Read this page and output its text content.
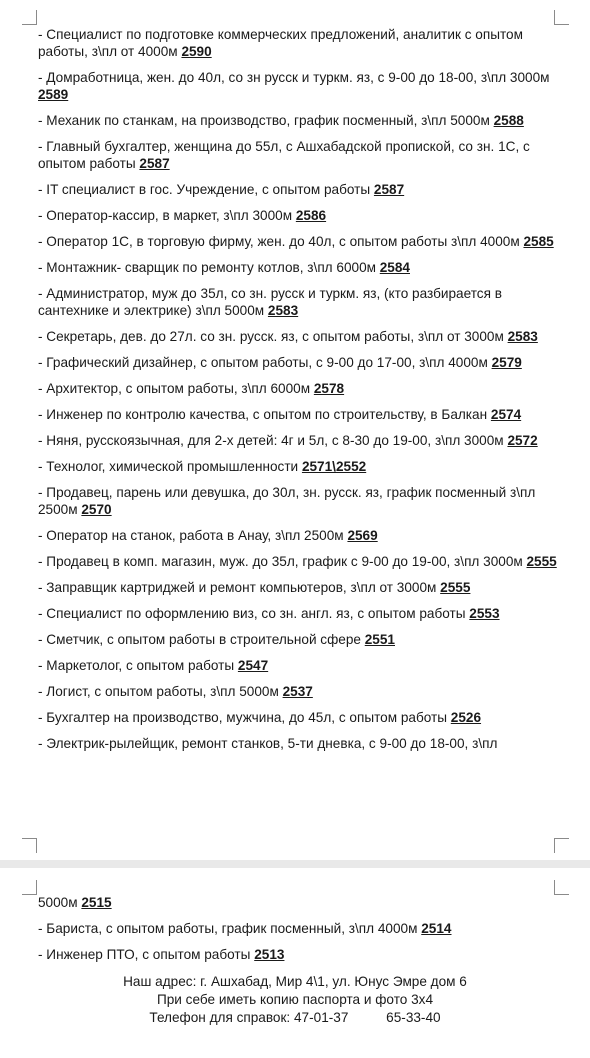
- Специалист по подготовке коммерческих предложений, аналитик с опытом работы, з\пл от 4000м 2590
- Домработница, жен. до 40л, со зн русск и туркм. яз, с 9-00 до 18-00, з\пл 3000м 2589
- Механик по станкам, на производство, график посменный, з\пл 5000м 2588
- Главный бухгалтер, женщина до 55л, с Ашхабадской пропиской, со зн. 1С, с опытом работы 2587
- IT специалист в гос. Учреждение, с опытом работы 2587
- Оператор-кассир, в маркет, з\пл 3000м 2586
- Оператор 1С, в торговую фирму, жен. до 40л, с опытом работы з\пл 4000м 2585
- Монтажник- сварщик по ремонту котлов, з\пл 6000м 2584
- Администратор, муж до 35л, со зн. русск и туркм. яз, (кто разбирается в сантехнике и электрике) з\пл 5000м 2583
- Секретарь, дев. до 27л. со зн. русск. яз, с опытом работы, з\пл от 3000м 2583
- Графический дизайнер, с опытом работы, с 9-00 до 17-00, з\пл 4000м 2579
- Архитектор, с опытом работы, з\пл 6000м 2578
- Инженер по контролю качества, с опытом по строительству, в Балкан 2574
- Няня, русскоязычная, для 2-х детей: 4г и 5л, с 8-30 до 19-00, з\пл 3000м 2572
- Технолог, химической промышленности 2571\2552
- Продавец, парень или девушка, до 30л, зн. русск. яз, график посменный з\пл 2500м 2570
- Оператор на станок, работа в Анау, з\пл 2500м 2569
- Продавец в комп. магазин, муж. до 35л, график с 9-00 до 19-00, з\пл 3000м 2555
- Заправщик картриджей и ремонт компьютеров, з\пл от 3000м 2555
- Специалист по оформлению виз, со зн. англ. яз, с опытом работы 2553
- Сметчик, с опытом работы в строительной сфере 2551
- Маркетолог, с опытом работы 2547
- Логист, с опытом работы, з\пл 5000м 2537
- Бухгалтер на производство, мужчина, до 45л, с опытом работы 2526
- Электрик-рылейщик, ремонт станков, 5-ти дневка, с 9-00 до 18-00, з\пл
5000м 2515
- Бариста, с опытом работы, график посменный, з\пл 4000м 2514
- Инженер ПТО, с опытом работы 2513
Наш адрес: г. Ашхабад, Мир 4\1, ул. Юнус Эмре дом 6
При себе иметь копию паспорта и фото 3х4
Телефон для справок: 47-01-37          65-33-40
